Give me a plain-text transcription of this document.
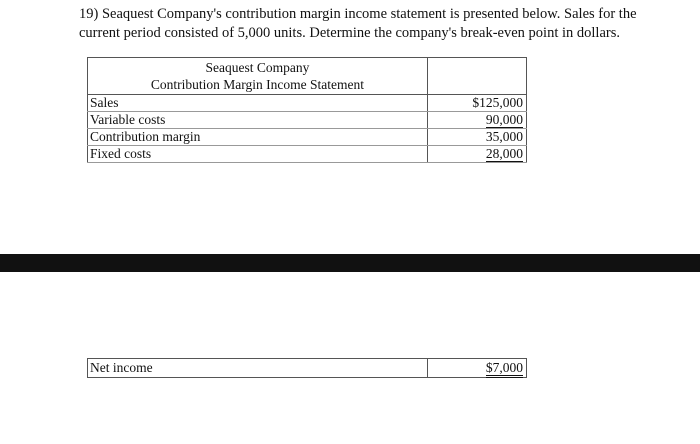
19) Seaquest Company's contribution margin income statement is presented below. Sales for the current period consisted of 5,000 units. Determine the company's break-even point in dollars.

Seaquest Company
Contribution Margin Income Statement	

Sales	$125,000
Variable costs	90,000
Contribution margin	35,000
Fixed costs	28,000
Net income	$7,000
